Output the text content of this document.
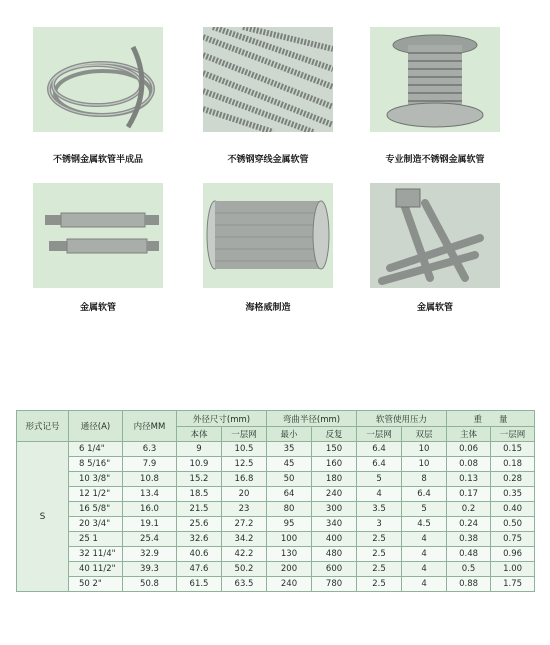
不锈钢金属软管半成品	不锈钢穿线金属软管	专业制造不锈钢金属软管
金属软管	海格威制造	金属软管
形式记号	通径(A)	内径MM	外径尺寸(mm)		弯曲半径(mm)		软管使用压力		重　　量	
			本体	一层网	最小	反复	一层网	双层	主体	一层网
S	6 1/4"	6.3	9	10.5	35	150	6.4	10	0.06	0.15
	8 5/16"	7.9	10.9	12.5	45	160	6.4	10	0.08	0.18
	10 3/8"	10.8	15.2	16.8	50	180	5	8	0.13	0.28
	12 1/2"	13.4	18.5	20	64	240	4	6.4	0.17	0.35
	16 5/8"	16.0	21.5	23	80	300	3.5	5	0.2	0.40
	20 3/4"	19.1	25.6	27.2	95	340	3	4.5	0.24	0.50
	25 1	25.4	32.6	34.2	100	400	2.5	4	0.38	0.75
	32 11/4"	32.9	40.6	42.2	130	480	2.5	4	0.48	0.96
	40 11/2"	39.3	47.6	50.2	200	600	2.5	4	0.5	1.00
	50 2"	50.8	61.5	63.5	240	780	2.5	4	0.88	1.75
